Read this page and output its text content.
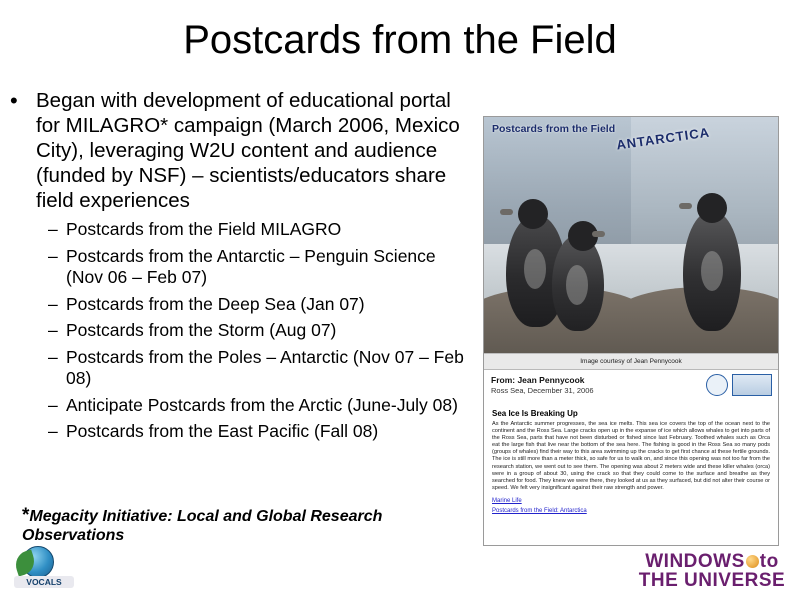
Postcards from the Field
• Began with development of educational portal for MILAGRO* campaign (March 2006, Mexico City), leveraging W2U content and audience (funded by NSF) – scientists/educators share field experiences
– Postcards from the Field MILAGRO
– Postcards from the Antarctic – Penguin Science (Nov 06 – Feb 07)
– Postcards from the Deep Sea (Jan 07)
– Postcards from the Storm (Aug 07)
– Postcards from the Poles – Antarctic (Nov 07 – Feb 08)
– Anticipate Postcards from the Arctic (June-July 08)
– Postcards from the East Pacific (Fall 08)
*Megacity Initiative: Local and Global Research Observations
Postcards from the Field ANTARCTICA
Image courtesy of Jean Pennycook
From: Jean Pennycook
Ross Sea, December 31, 2006
Sea Ice Is Breaking Up
As the Antarctic summer progresses, the sea ice melts. This sea ice covers the top of the ocean next to the continent and the Ross Sea. Large cracks open up in the expanse of ice which allows whales to get into parts of the Ross Sea, parts that have not been disturbed or fished since last February. Toothed whales such as Orca eat the large fish that live near the bottom of the sea here. The fishing is good in the Ross Sea so many pods (groups of whales) find their way to this area swimming up the cracks to get first chance at these fertile grounds. The ice is still more than a meter thick, so safe for us to walk on, and since this opening was not too far from the research station, we went out to see them. The opening was about 2 meters wide and these killer whales (orca) were in a group of about 30, using the crack so that they could come to the surface and breathe as they searched for food. They knew we were there, they looked at us as they surfaced, but did not alter their course or speed. We felt very insignificant against their raw strength and power.
Marine Life
Postcards from the Field: Antarctica
VOCALS
WINDOWS to
THE UNIVERSE
